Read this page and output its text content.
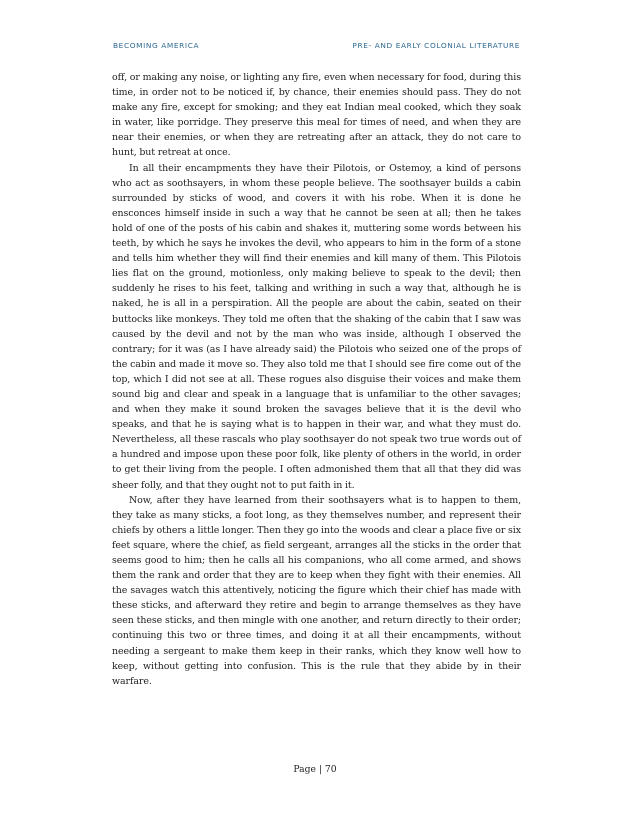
BECOMING AMERICA	PRE- AND EARLY COLONIAL LITERATURE

off, or making any noise, or lighting any fire, even when necessary for food, during this time, in order not to be noticed if, by chance, their enemies should pass. They do not make any fire, except for smoking; and they eat Indian meal cooked, which they soak in water, like porridge. They preserve this meal for times of need, and when they are near their enemies, or when they are retreating after an attack, they do not care to hunt, but retreat at once.

In all their encampments they have their Pilotois, or Ostemoy, a kind of persons who act as soothsayers, in whom these people believe. The soothsayer builds a cabin surrounded by sticks of wood, and covers it with his robe. When it is done he ensconces himself inside in such a way that he cannot be seen at all; then he takes hold of one of the posts of his cabin and shakes it, muttering some words between his teeth, by which he says he invokes the devil, who appears to him in the form of a stone and tells him whether they will find their enemies and kill many of them. This Pilotois lies flat on the ground, motionless, only making believe to speak to the devil; then suddenly he rises to his feet, talking and writhing in such a way that, although he is naked, he is all in a perspiration. All the people are about the cabin, seated on their buttocks like monkeys. They told me often that the shaking of the cabin that I saw was caused by the devil and not by the man who was inside, although I observed the contrary; for it was (as I have already said) the Pilotois who seized one of the props of the cabin and made it move so. They also told me that I should see fire come out of the top, which I did not see at all. These rogues also disguise their voices and make them sound big and clear and speak in a language that is unfamiliar to the other savages; and when they make it sound broken the savages believe that it is the devil who speaks, and that he is saying what is to happen in their war, and what they must do. Nevertheless, all these rascals who play soothsayer do not speak two true words out of a hundred and impose upon these poor folk, like plenty of others in the world, in order to get their living from the people. I often admonished them that all that they did was sheer folly, and that they ought not to put faith in it.

Now, after they have learned from their soothsayers what is to happen to them, they take as many sticks, a foot long, as they themselves number, and represent their chiefs by others a little longer. Then they go into the woods and clear a place five or six feet square, where the chief, as field sergeant, arranges all the sticks in the order that seems good to him; then he calls all his companions, who all come armed, and shows them the rank and order that they are to keep when they fight with their enemies. All the savages watch this attentively, noticing the figure which their chief has made with these sticks, and afterward they retire and begin to arrange themselves as they have seen these sticks, and then mingle with one another, and return directly to their order; continuing this two or three times, and doing it at all their encampments, without needing a sergeant to make them keep in their ranks, which they know well how to keep, without getting into confusion. This is the rule that they abide by in their warfare.

Page | 70
